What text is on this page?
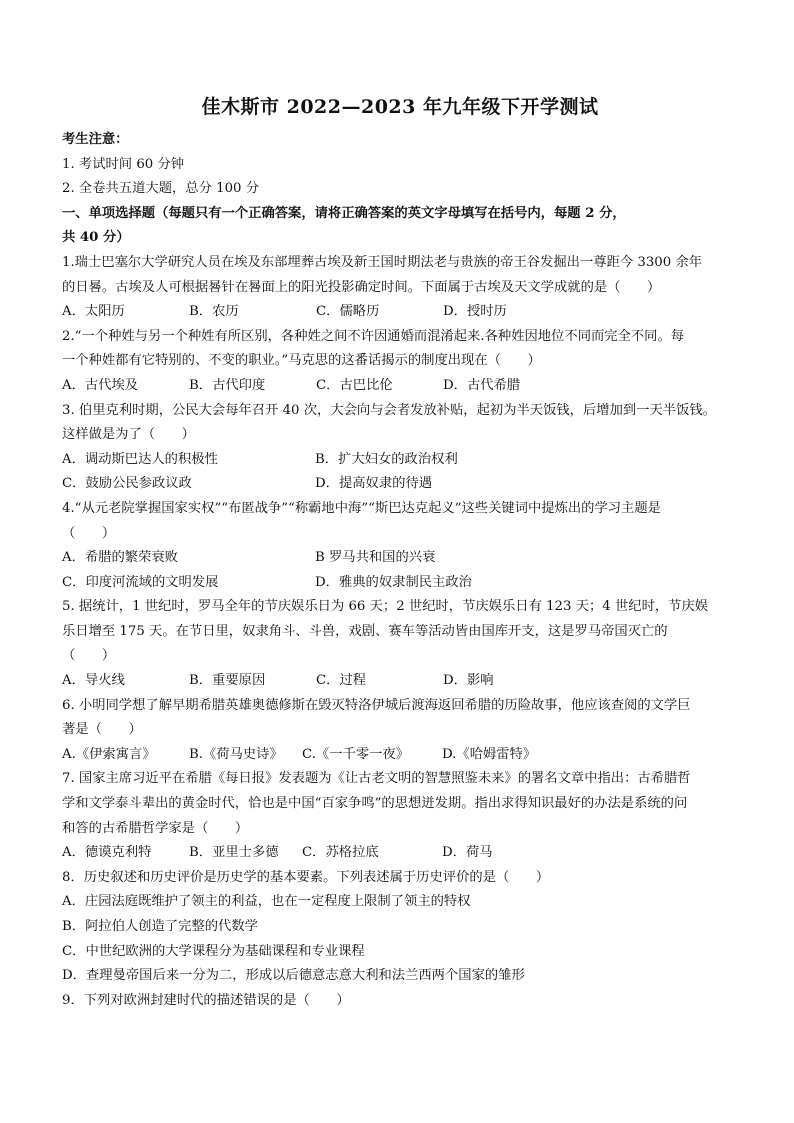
佳木斯市 2022—2023 年九年级下开学测试
考生注意：
1. 考试时间 60 分钟
2. 全卷共五道大题，总分 100 分
一、单项选择题（每题只有一个正确答案，请将正确答案的英文字母填写在括号内，每题 2 分，
共 40 分）
1.瑞士巴塞尔大学研究人员在埃及东部埋葬古埃及新王国时期法老与贵族的帝王谷发掘出一尊距今 3300 余年
的日晷。古埃及人可根据晷针在晷面上的阳光投影确定时间。下面属于古埃及天文学成就的是（　　）
A．太阳历	B．农历	C．儒略历	D．授时历
2.“一个种姓与另一个种姓有所区别，各种姓之间不许因通婚而混淆起来.各种姓因地位不同而完全不同。每
一个种姓都有它特别的、不变的职业。”马克思的这番话揭示的制度出现在（　　）
A．古代埃及	B．古代印度	C．古巴比伦	D．古代希腊
3. 伯里克利时期，公民大会每年召开 40 次，大会向与会者发放补贴，起初为半天饭钱，后增加到一天半饭钱。
这样做是为了（　　）
A．调动斯巴达人的积极性	B．扩大妇女的政治权利
C．鼓励公民参政议政	D．提高奴隶的待遇
4.“从元老院掌握国家实权”“布匿战争”“称霸地中海”“斯巴达克起义”这些关键词中提炼出的学习主题是
（　　）
A．希腊的繁荣衰败	B 罗马共和国的兴衰
C．印度河流域的文明发展	D．雅典的奴隶制民主政治
5. 据统计，1 世纪时，罗马全年的节庆娱乐日为 66 天；2 世纪时，节庆娱乐日有 123 天；4 世纪时，节庆娱
乐日增至 175 天。在节日里，奴隶角斗、斗兽，戏剧、赛车等活动皆由国库开支，这是罗马帝国灭亡的
（　　）
A．导火线	B．重要原因	C．过程	D．影响
6. 小明同学想了解早期希腊英雄奥德修斯在毁灭特洛伊城后渡海返回希腊的历险故事，他应该查阅的文学巨
著是（　　）
A.《伊索寓言》	B.《荷马史诗》	C.《一千零一夜》	D.《哈姆雷特》
7. 国家主席习近平在希腊《每日报》发表题为《让古老文明的智慧照鉴未来》的署名文章中指出：古希腊哲
学和文学泰斗辈出的黄金时代，恰也是中国“百家争鸣”的思想迸发期。指出求得知识最好的办法是系统的问
和答的古希腊哲学家是（　　）
A．德谟克利特	B．亚里士多德	C．苏格拉底	D．荷马
8．历史叙述和历史评价是历史学的基本要素。下列表述属于历史评价的是（　　）
A．庄园法庭既维护了领主的利益，也在一定程度上限制了领主的特权
B．阿拉伯人创造了完整的代数学
C．中世纪欧洲的大学课程分为基础课程和专业课程
D．查理曼帝国后来一分为二，形成以后德意志意大利和法兰西两个国家的雏形
9．下列对欧洲封建时代的描述错误的是（　　）
